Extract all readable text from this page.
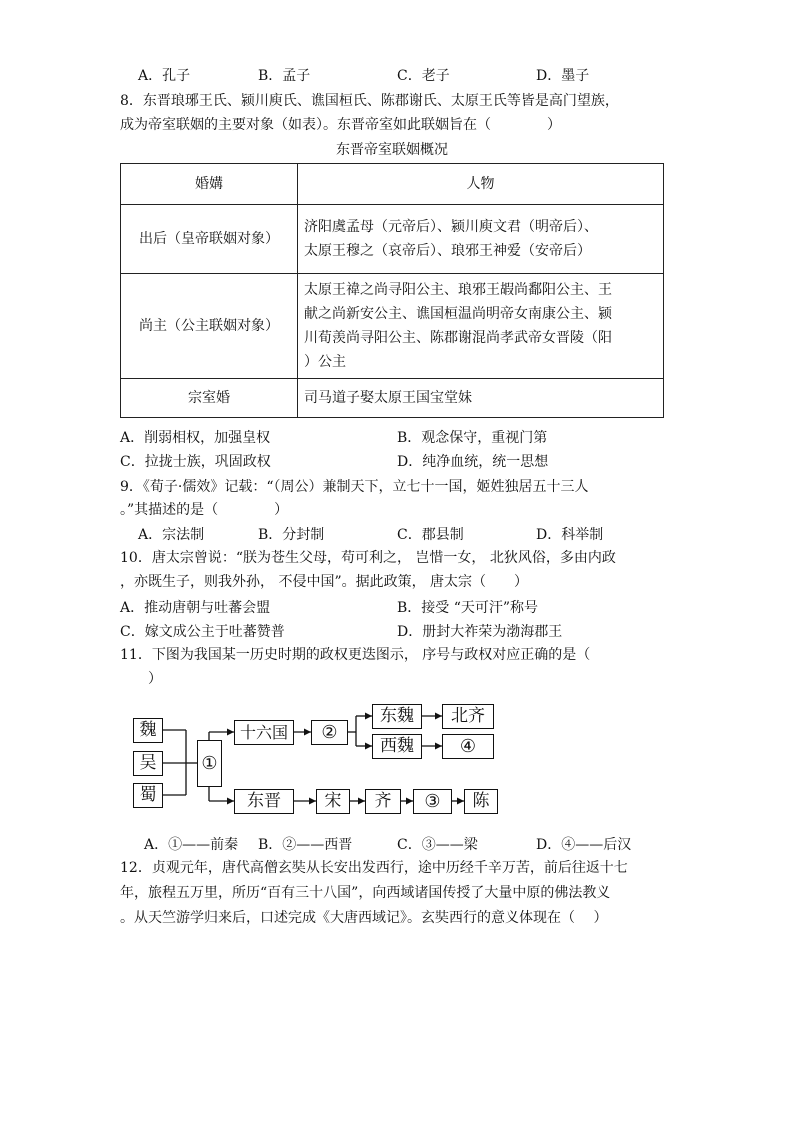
A．孔子	B．孟子	C．老子	D．墨子
8．东晋琅琊王氏、颍川庾氏、谯国桓氏、陈郡谢氏、太原王氏等皆是高门望族，
成为帝室联姻的主要对象（如表）。东晋帝室如此联姻旨在（　　　　）
东晋帝室联姻概况
婚媾	人物
出后（皇帝联姻对象）	济阳虞孟母（元帝后）、颍川庾文君（明帝后）、
太原王穆之（哀帝后）、琅邪王神爱（安帝后）

尚主（公主联姻对象）	太原王禕之尚寻阳公主、琅邪王嘏尚鄱阳公主、王
献之尚新安公主、谯国桓温尚明帝女南康公主、颍
川荀羡尚寻阳公主、陈郡谢混尚孝武帝女晋陵（阳
）公主

宗室婚	司马道子娶太原王国宝堂妹
A．削弱相权，加强皇权	B．观念保守，重视门第
C．拉拢士族，巩固政权	D．纯净血统，统一思想
9．《荀子·儒效》记载：“（周公）兼制天下，立七十一国，姬姓独居五十三人
。”其描述的是（　　　　）
A．宗法制	B．分封制	C．郡县制	D．科举制
10．唐太宗曾说：“朕为苍生父母，苟可利之， 岂惜一女， 北狄风俗，多由内政
，亦既生子，则我外孙， 不侵中国”。据此政策， 唐太宗（　　）
A．推动唐朝与吐蕃会盟	B．接受 “天可汗”称号
C．嫁文成公主于吐蕃赞普	D．册封大祚荣为渤海郡王
11．下图为我国某一历史时期的政权更迭图示， 序号与政权对应正确的是（
　　）
魏
吴
蜀
①
十六国	②
东魏	北齐
西魏	④
东晋	宋	齐	③	陈
A．①——前秦 B．②——西晋	C．③——梁	D．④——后汉
12．贞观元年，唐代高僧玄奘从长安出发西行，途中历经千辛万苦，前后往返十七
年，旅程五万里，所历“百有三十八国”，向西域诸国传授了大量中原的佛法教义
。从天竺游学归来后，口述完成《大唐西域记》。玄奘西行的意义体现在（　 ）
